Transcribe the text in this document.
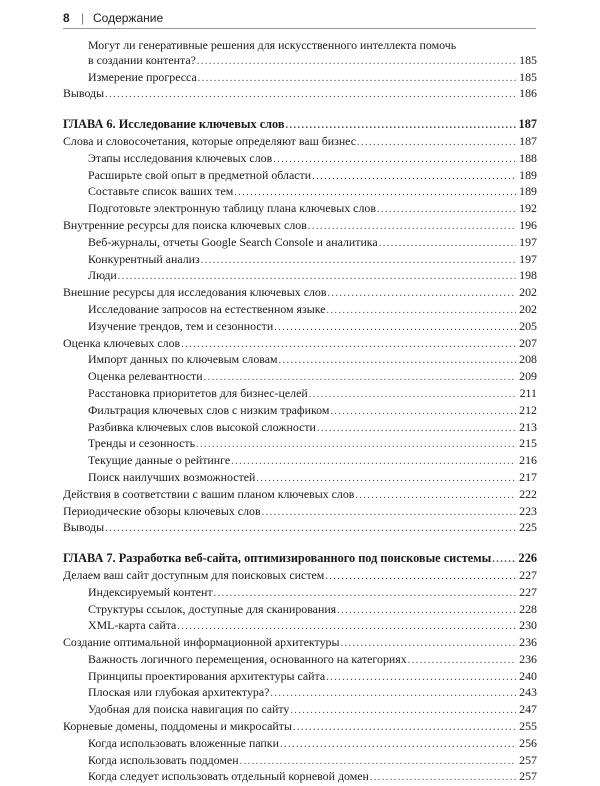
8 | Содержание
Могут ли генеративные решения для искусственного интеллекта помочь
в создании контента? . . .	185
Измерение прогресса . . .	185
Выводы . . .	186
ГЛАВА 6. Исследование ключевых слов . . .	187
Слова и словосочетания, которые определяют ваш бизнес . . .	187
Этапы исследования ключевых слов . . .	188
Расширьте свой опыт в предметной области . . .	189
Составьте список ваших тем . . .	189
Подготовьте электронную таблицу плана ключевых слов . . .	192
Внутренние ресурсы для поиска ключевых слов . . .	196
Веб-журналы, отчеты Google Search Console и аналитика . . .	197
Конкурентный анализ . . .	197
Люди . . .	198
Внешние ресурсы для исследования ключевых слов . . .	202
Исследование запросов на естественном языке . . .	202
Изучение трендов, тем и сезонности . . .	205
Оценка ключевых слов . . .	207
Импорт данных по ключевым словам . . .	208
Оценка релевантности . . .	209
Расстановка приоритетов для бизнес-целей . . .	211
Фильтрация ключевых слов с низким трафиком . . .	212
Разбивка ключевых слов высокой сложности . . .	213
Тренды и сезонность . . .	215
Текущие данные о рейтинге . . .	216
Поиск наилучших возможностей . . .	217
Действия в соответствии с вашим планом ключевых слов . . .	222
Периодические обзоры ключевых слов . . .	223
Выводы . . .	225
ГЛАВА 7. Разработка веб-сайта, оптимизированного под поисковые системы . . . 226
Делаем ваш сайт доступным для поисковых систем . . .	227
Индексируемый контент . . .	227
Структуры ссылок, доступные для сканирования . . .	228
XML-карта сайта . . .	230
Создание оптимальной информационной архитектуры . . .	236
Важность логичного перемещения, основанного на категориях . . .	236
Принципы проектирования архитектуры сайта . . .	240
Плоская или глубокая архитектура? . . .	243
Удобная для поиска навигация по сайту . . .	247
Корневые домены, поддомены и микросайты . . .	255
Когда использовать вложенные папки . . .	256
Когда использовать поддомен . . .	257
Когда следует использовать отдельный корневой домен . . .	257
